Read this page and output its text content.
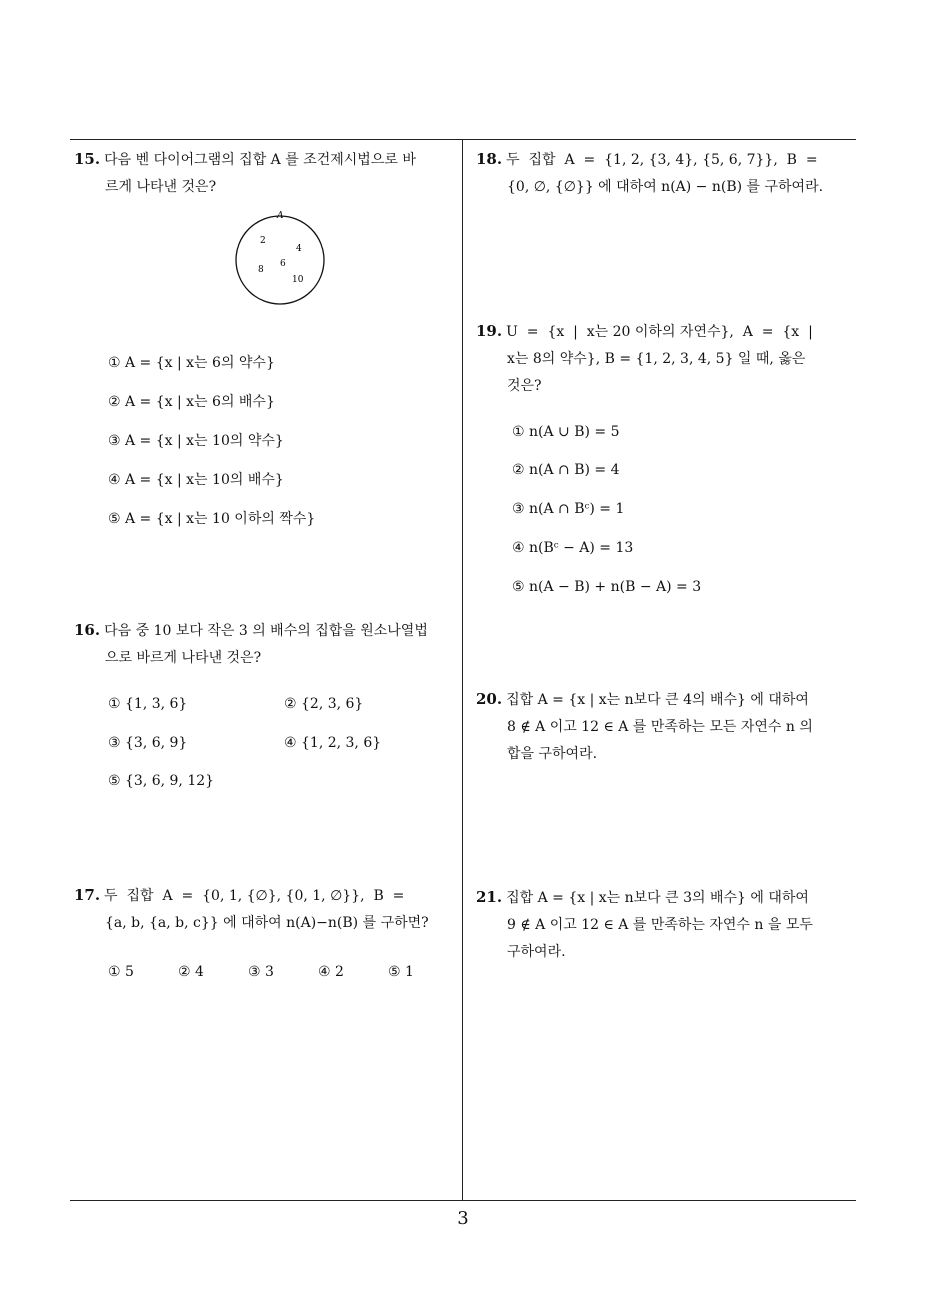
15. 다음 벤 다이어그램의 집합 A 를 조건제시법으로 바
르게 나타낸 것은?
A
2
4
6
8
10
① A = {x | x는 6의 약수}
② A = {x | x는 6의 배수}
③ A = {x | x는 10의 약수}
④ A = {x | x는 10의 배수}
⑤ A = {x | x는 10 이하의 짝수}
16. 다음 중 10 보다 작은 3 의 배수의 집합을 원소나열법
으로 바르게 나타낸 것은?
① {1, 3, 6}	② {2, 3, 6}
③ {3, 6, 9}	④ {1, 2, 3, 6}
⑤ {3, 6, 9, 12}
17. 두  집합  A  =  {0, 1, {∅}, {0, 1, ∅}},  B  =
{a, b, {a, b, c}} 에 대하여 n(A)−n(B) 를 구하면?
① 5	② 4	③ 3	④ 2	⑤ 1
18. 두  집합  A  =  {1, 2, {3, 4}, {5, 6, 7}},  B  =
{0, ∅, {∅}} 에 대하여 n(A) − n(B) 를 구하여라.
19. U  =  {x  |  x는 20 이하의 자연수},  A  =  {x  |
x는 8의 약수}, B = {1, 2, 3, 4, 5} 일 때, 옳은
것은?
① n(A ∪ B) = 5
② n(A ∩ B) = 4
③ n(A ∩ Bᶜ) = 1
④ n(Bᶜ − A) = 13
⑤ n(A − B) + n(B − A) = 3
20. 집합 A = {x | x는 n보다 큰 4의 배수} 에 대하여
8 ∉ A 이고 12 ∈ A 를 만족하는 모든 자연수 n 의
합을 구하여라.
21. 집합 A = {x | x는 n보다 큰 3의 배수} 에 대하여
9 ∉ A 이고 12 ∈ A 를 만족하는 자연수 n 을 모두
구하여라.
3
